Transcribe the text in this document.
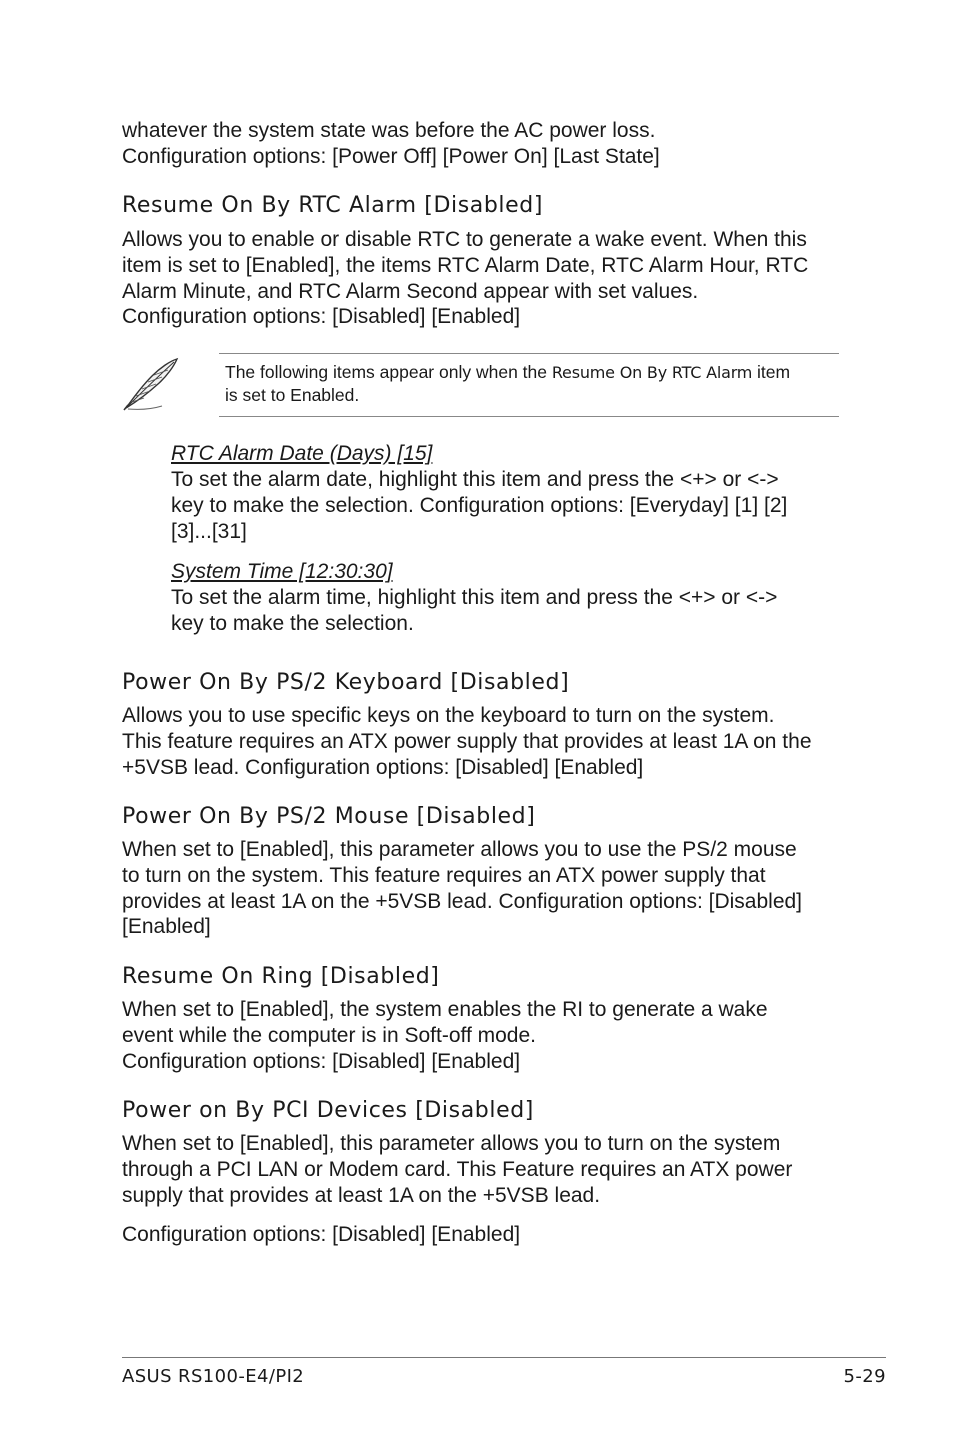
whatever the system state was before the AC power loss.
Configuration options: [Power Off] [Power On] [Last State]

Resume On By RTC Alarm [Disabled]

Allows you to enable or disable RTC to generate a wake event. When this
item is set to [Enabled], the items RTC Alarm Date, RTC Alarm Hour, RTC
Alarm Minute, and RTC Alarm Second appear with set values.
Configuration options: [Disabled] [Enabled]

The following items appear only when the Resume On By RTC Alarm item
is set to Enabled.

RTC Alarm Date (Days) [15]

To set the alarm date, highlight this item and press the <+> or <->
key to make the selection. Configuration options: [Everyday] [1] [2]
[3]...[31]

System Time [12:30:30]

To set the alarm time, highlight this item and press the <+> or <->
key to make the selection.

Power On By PS/2 Keyboard [Disabled]

Allows you to use specific keys on the keyboard to turn on the system.
This feature requires an ATX power supply that provides at least 1A on the
+5VSB lead. Configuration options: [Disabled] [Enabled]

Power On By PS/2 Mouse [Disabled]

When set to [Enabled], this parameter allows you to use the PS/2 mouse
to turn on the system. This feature requires an ATX power supply that
provides at least 1A on the +5VSB lead. Configuration options: [Disabled]
[Enabled]

Resume On Ring [Disabled]

When set to [Enabled], the system enables the RI to generate a wake
event while the computer is in Soft-off mode.
Configuration options: [Disabled] [Enabled]

Power on By PCI Devices [Disabled]

When set to [Enabled], this parameter allows you to turn on the system
through a PCI LAN or Modem card. This Feature requires an ATX power
supply that provides at least 1A on the +5VSB lead.

Configuration options: [Disabled] [Enabled]

ASUS RS100-E4/PI2	5-29
